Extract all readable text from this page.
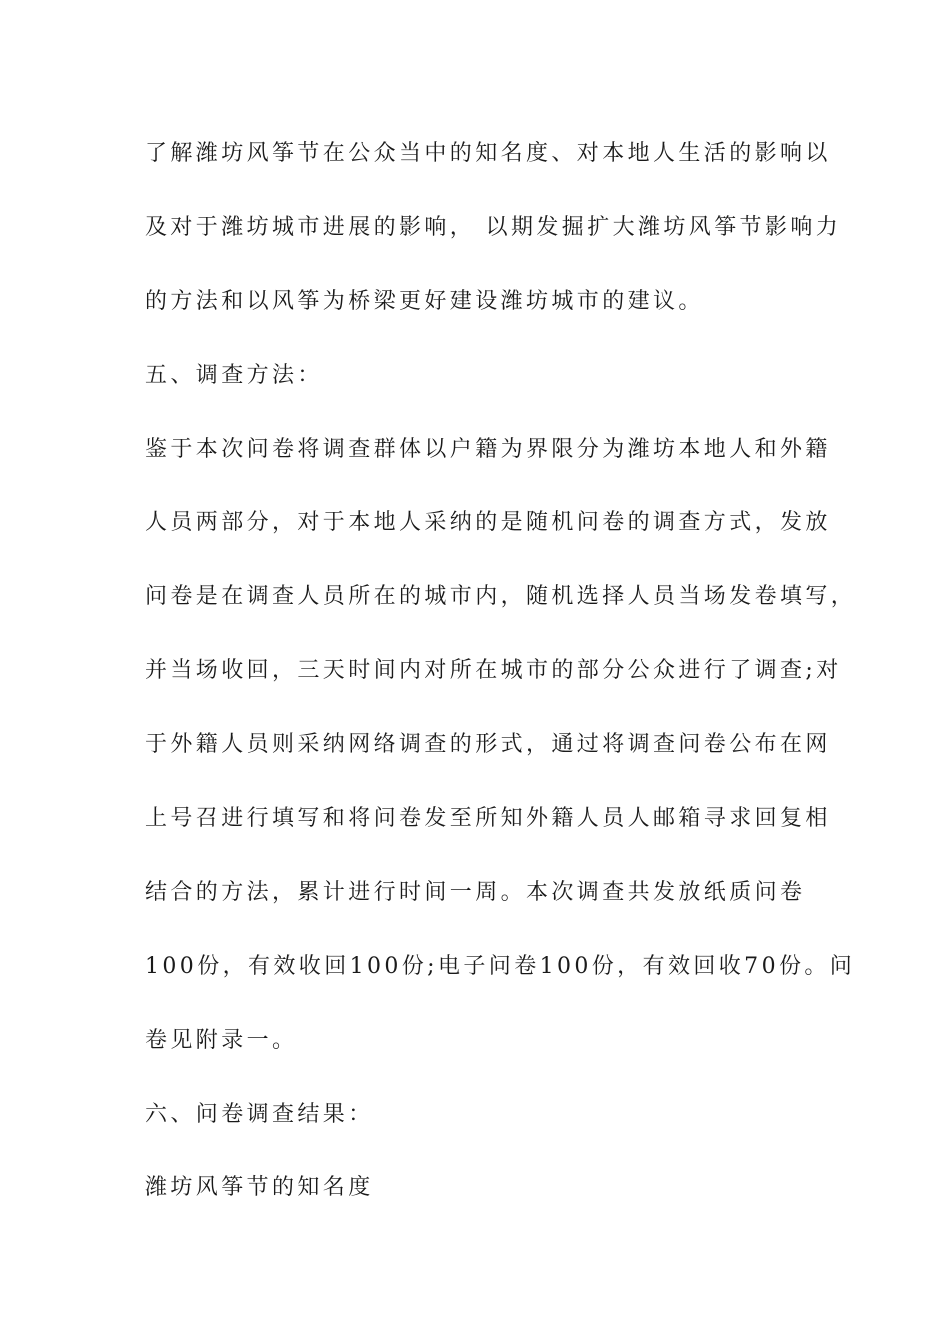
了解潍坊风筝节在公众当中的知名度、对本地人生活的影响以
及对于潍坊城市进展的影响， 以期发掘扩大潍坊风筝节影响力
的方法和以风筝为桥梁更好建设潍坊城市的建议。
五、调查方法：
鉴于本次问卷将调查群体以户籍为界限分为潍坊本地人和外籍
人员两部分，对于本地人采纳的是随机问卷的调查方式，发放
问卷是在调查人员所在的城市内，随机选择人员当场发卷填写，
并当场收回，三天时间内对所在城市的部分公众进行了调查;对
于外籍人员则采纳网络调查的形式，通过将调查问卷公布在网
上号召进行填写和将问卷发至所知外籍人员人邮箱寻求回复相
结合的方法，累计进行时间一周。本次调查共发放纸质问卷
100份，有效收回100份;电子问卷100份，有效回收70份。问
卷见附录一。
六、问卷调查结果：
潍坊风筝节的知名度
